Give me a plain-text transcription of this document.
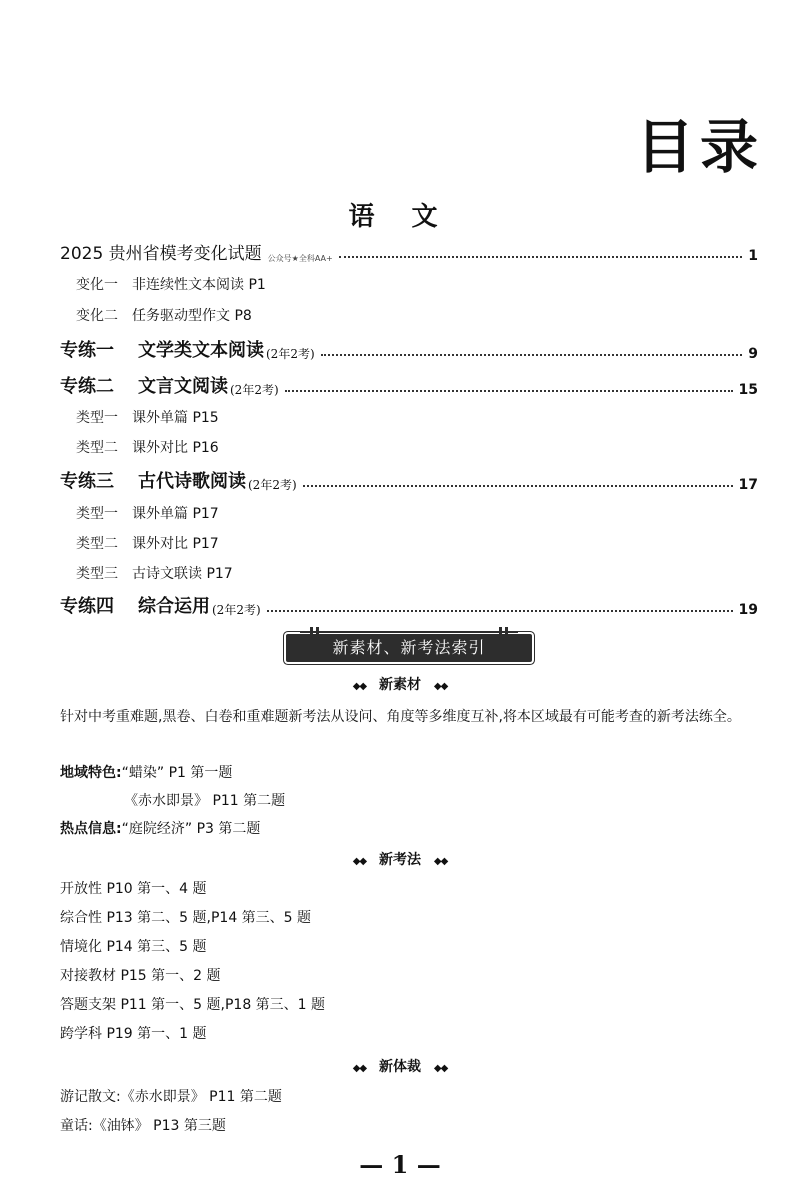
目录
语 文
2025 贵州省模考变化试题 公众号★全科AA+	1
变化一 非连续性文本阅读 P1
变化二 任务驱动型作文 P8
专练一 文学类文本阅读 (2年2考)	9
专练二 文言文阅读 (2年2考)	15
类型一 课外单篇 P15
类型二 课外对比 P16
专练三 古代诗歌阅读 (2年2考)	17
类型一 课外单篇 P17
类型二 课外对比 P17
类型三 古诗文联读 P17
专练四 综合运用 (2年2考)	19
新素材、新考法索引
◆◆ 新素材 ◆◆
针对中考重难题,黑卷、白卷和重难题新考法从设问、角度等多维度互补,将本区域最有可能考查的新考法练全。
地域特色:“蜡染” P1 第一题
《赤水即景》 P11 第二题
热点信息:“庭院经济” P3 第二题
◆◆ 新考法 ◆◆
开放性 P10 第一、4 题
综合性 P13 第二、5 题,P14 第三、5 题
情境化 P14 第三、5 题
对接教材 P15 第一、2 题
答题支架 P11 第一、5 题,P18 第三、1 题
跨学科 P19 第一、1 题
◆◆ 新体裁 ◆◆
游记散文:《赤水即景》 P11 第二题
童话:《油钵》 P13 第三题
— 1 —
